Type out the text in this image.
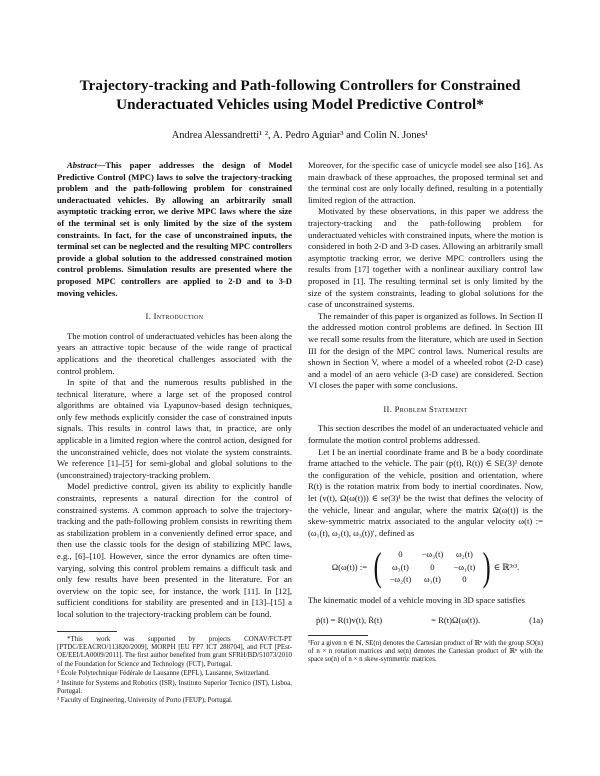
Trajectory-tracking and Path-following Controllers for Constrained Underactuated Vehicles using Model Predictive Control*
Andrea Alessandretti¹ ², A. Pedro Aguiar³ and Colin N. Jones¹

Abstract—This paper addresses the design of Model Predictive Control (MPC) laws to solve the trajectory-tracking problem and the path-following problem for constrained underactuated vehicles. By allowing an arbitrarily small asymptotic tracking error, we derive MPC laws where the size of the terminal set is only limited by the size of the system constraints. In fact, for the case of unconstrained inputs, the terminal set can be neglected and the resulting MPC controllers provide a global solution to the addressed constrained motion control problems. Simulation results are presented where the proposed MPC controllers are applied to 2-D and to 3-D moving vehicles.

I. Introduction

The motion control of underactuated vehicles has been along the years an attractive topic because of the wide range of practical applications and the theoretical challenges associated with the control problem.

In spite of that and the numerous results published in the technical literature, where a large set of the proposed control algorithms are obtained via Lyapunov-based design techniques, only few methods explicitly consider the case of constrained inputs signals. This results in control laws that, in practice, are only applicable in a limited region where the control action, designed for the unconstrained vehicle, does not violate the system constraints. We reference [1]–[5] for semi-global and global solutions to the (unconstrained) trajectory-tracking problem.

Model predictive control, given its ability to explicitly handle constraints, represents a natural direction for the control of constrained systems. A common approach to solve the trajectory-tracking and the path-following problem consists in rewriting them as stabilization problem in a conveniently defined error space, and then use the classic tools for the design of stabilizing MPC laws, e.g., [6]–[10]. However, since the error dynamics are often time-varying, solving this control problem remains a difficult task and only few results have been presented in the literature. For an overview on the topic see, for instance, the work [11]. In [12], sufficient conditions for stability are presented and in [13]–[15] a local solution to the trajectory-tracking problem can be found.

*This work was supported by projects CONAV/FCT-PT [PTDC/EEACRO/113820/2009], MORPH [EU FP7 ICT 288704], and FCT [PEst-OE/EEI/LA0009/2011]. The first author benefited from grant SFRH/BD/51073/2010 of the Foundation for Science and Technology (FCT), Portugal.

¹ École Polytechnique Fédérale de Lausanne (EPFL), Lausanne, Switzerland.

² Institute for Systems and Robotics (ISR), Instituto Superior Tecnico (IST), Lisboa, Portugal.

³ Faculty of Engineering, University of Porto (FEUP), Portugal.

Moreover, for the specific case of unicycle model see also [16]. As main drawback of these approaches, the proposed terminal set and the terminal cost are only locally defined, resulting in a potentially limited region of the attraction.

Motivated by these observations, in this paper we address the trajectory-tracking and the path-following problem for underactuated vehicles with constrained inputs, where the motion is considered in both 2-D and 3-D cases. Allowing an arbitrarily small asymptotic tracking error, we derive MPC controllers using the results from [17] together with a nonlinear auxiliary control law proposed in [1]. The resulting terminal set is only limited by the size of the system constraints, leading to global solutions for the case of unconstrained systems.

The remainder of this paper is organized as follows. In Section II the addressed motion control problems are defined. In Section III we recall some results from the literature, which are used in Section III for the design of the MPC control laws. Numerical results are shown in Section V, where a model of a wheeled robot (2-D case) and a model of an aero vehicle (3-D case) are considered. Section VI closes the paper with some conclusions.

II. Problem Statement

This section describes the model of an underactuated vehicle and formulate the motion control problems addressed.

Let I be an inertial coordinate frame and B be a body coordinate frame attached to the vehicle. The pair (p(t), R(t)) ∈ SE(3)¹ denote the configuration of the vehicle, position and orientation, where R(t) is the rotation matrix from body to inertial coordinates. Now, let (v(t), Ω(ω(t))) ∈ se(3)¹ be the twist that defines the velocity of the vehicle, linear and angular, where the matrix Ω(ω(t)) is the skew-symmetric matrix associated to the angular velocity ω(t) := (ω₁(t), ω₂(t), ω₃(t))′, defined as

Ω(ω(t)) := (	0	−ω₃(t)	ω₂(t)
ω₃(t)	0	−ω₁(t)
−ω₂(t)	ω₁(t)	0 ) ∈ ℝ³ˣ³.

The kinematic model of a vehicle moving in 3D space satisfies

ṗ(t) = R(t)v(t), Ṙ(t)	= R(t)Ω(ω(t)).	(1a)
¹For a given n ∈ ℕ, SE(n) denotes the Cartesian product of ℝⁿ with the group SO(n) of n × n rotation matrices and se(n) denotes the Cartesian product of ℝⁿ with the space so(n) of n × n skew-symmetric matrices.
